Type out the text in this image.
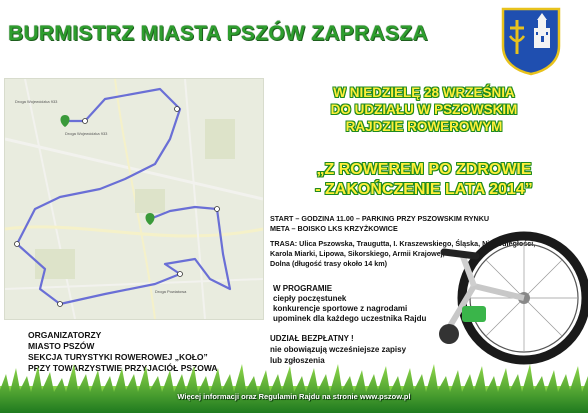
BURMISTRZ MIASTA PSZÓW ZAPRASZA
Droga Wojewódzka 933
Droga Wojewódzka 933
Droga Powiatowa
W NIEDZIELĘ 28 WRZEŚNIA
DO UDZIAŁU W PSZOWSKIM
RAJDZIE ROWEROWYM
„Z ROWEREM PO ZDROWIE
- ZAKOŃCZENIE LATA 2014”
START – GODZINA 11.00 – PARKING PRZY PSZOWSKIM RYNKU
META – BOISKO LKS KRZYŻKOWICE
TRASA: Ulica Pszowska, Traugutta, I. Kraszewskiego, Śląska, Niepodległości,
Karola Miarki, Lipowa, Sikorskiego, Armii Krajowej,
Dolna (długość trasy około 14 km)
W PROGRAMIE
ciepły poczęstunek
konkurencje sportowe z nagrodami
upominek dla każdego uczestnika Rajdu
UDZIAŁ BEZPŁATNY !
nie obowiązują wcześniejsze zapisy
lub zgłoszenia
ORGANIZATORZY
MIASTO PSZÓW
SEKCJA TURYSTYKI ROWEROWEJ „KOŁO”
PRZY TOWARZYSTWIE PRZYJACIÓŁ PSZOWA
Więcej informacji oraz Regulamin Rajdu na stronie www.pszow.pl
